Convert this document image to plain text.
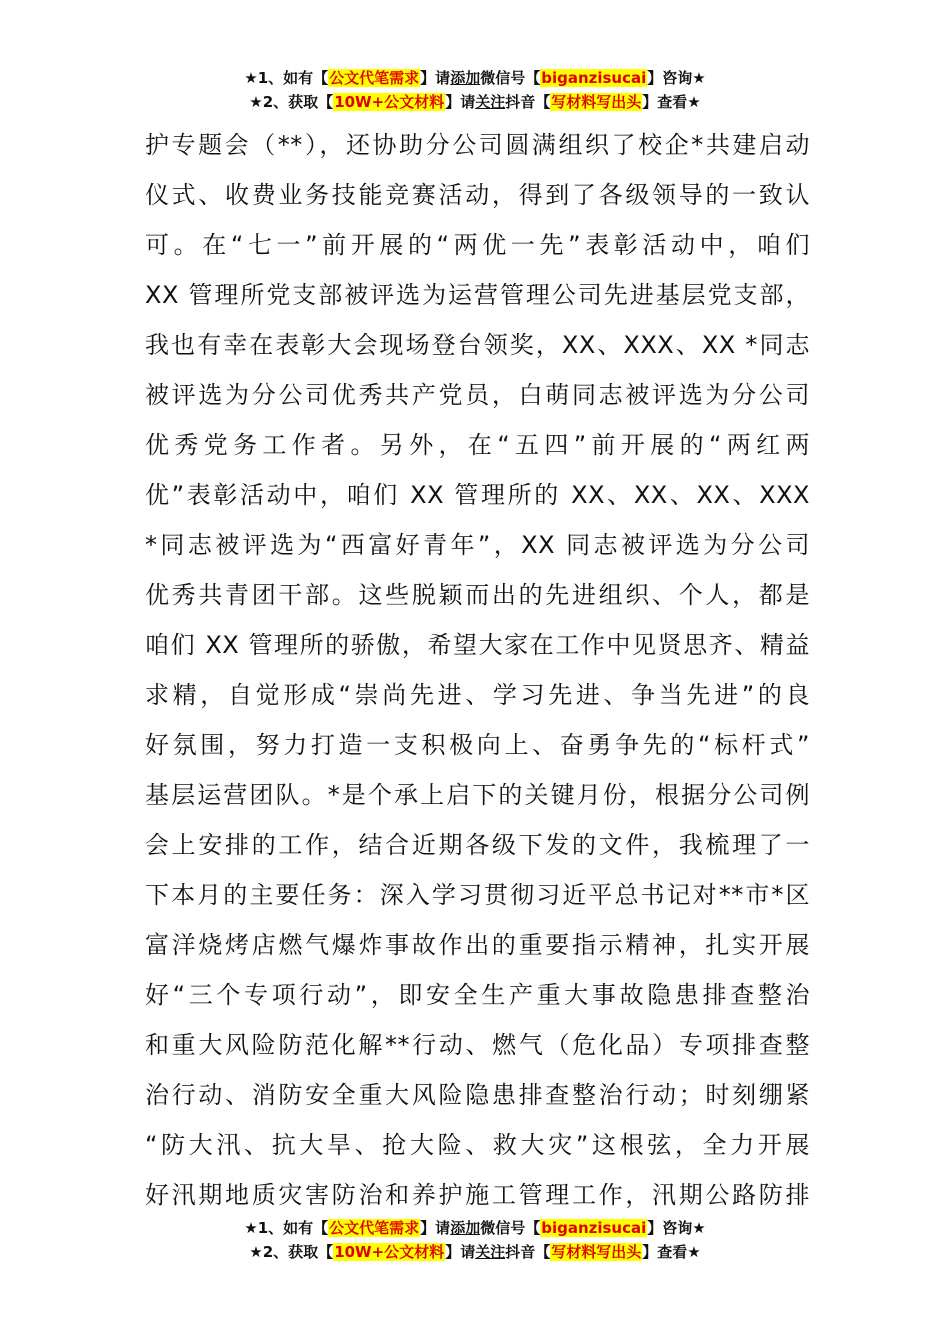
★1、如有【公文代笔需求】请添加微信号【biganzisucai】咨询★
★2、获取【10W+公文材料】请关注抖音【写材料写出头】查看★
护专题会（**），还协助分公司圆满组织了校企*共建启动
仪式、收费业务技能竞赛活动，得到了各级领导的一致认
可。在“七一”前开展的“两优一先”表彰活动中，咱们
XX 管理所党支部被评选为运营管理公司先进基层党支部，
我也有幸在表彰大会现场登台领奖，XX、XXX、XX *同志
被评选为分公司优秀共产党员，白萌同志被评选为分公司
优秀党务工作者。另外，在“五四”前开展的“两红两
优”表彰活动中，咱们 XX 管理所的 XX、XX、XX、XXX
*同志被评选为“西富好青年”，XX 同志被评选为分公司
优秀共青团干部。这些脱颖而出的先进组织、个人，都是
咱们 XX 管理所的骄傲，希望大家在工作中见贤思齐、精益
求精，自觉形成“崇尚先进、学习先进、争当先进”的良
好氛围，努力打造一支积极向上、奋勇争先的“标杆式”
基层运营团队。*是个承上启下的关键月份，根据分公司例
会上安排的工作，结合近期各级下发的文件，我梳理了一
下本月的主要任务：深入学习贯彻习近平总书记对**市*区
富洋烧烤店燃气爆炸事故作出的重要指示精神，扎实开展
好“三个专项行动”，即安全生产重大事故隐患排查整治
和重大风险防范化解**行动、燃气（危化品）专项排查整
治行动、消防安全重大风险隐患排查整治行动；时刻绷紧
“防大汛、抗大旱、抢大险、救大灾”这根弦，全力开展
好汛期地质灾害防治和养护施工管理工作，汛期公路防排
★1、如有【公文代笔需求】请添加微信号【biganzisucai】咨询★
★2、获取【10W+公文材料】请关注抖音【写材料写出头】查看★
